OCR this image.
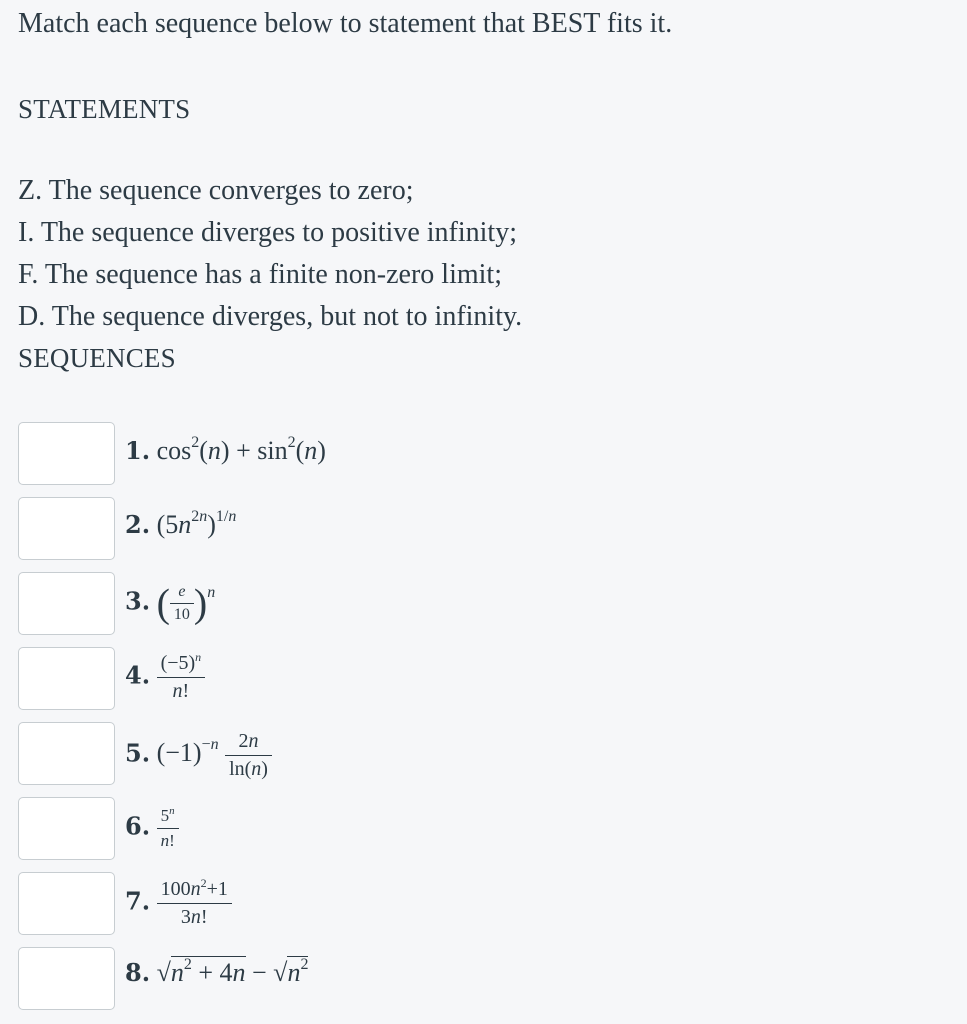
Match each sequence below to statement that BEST fits it.
STATEMENTS
Z. The sequence converges to zero;
I. The sequence diverges to positive infinity;
F. The sequence has a finite non-zero limit;
D. The sequence diverges, but not to infinity.
SEQUENCES
1. $\cos^2(n) + \sin^2(n)$
2. $(5n^{2n})^{1/n}$
3. ( $\frac{e}{10} )^n$
4. $\frac{(-5)^n}{n!}$
5. $(-1)^{-n} \frac{2n}{\ln(n)}$
6. $\frac{5^n}{n!}$
7. $\frac{100n^2+1}{3n!}$
8. $√n^2 + 4n - √n^2$
